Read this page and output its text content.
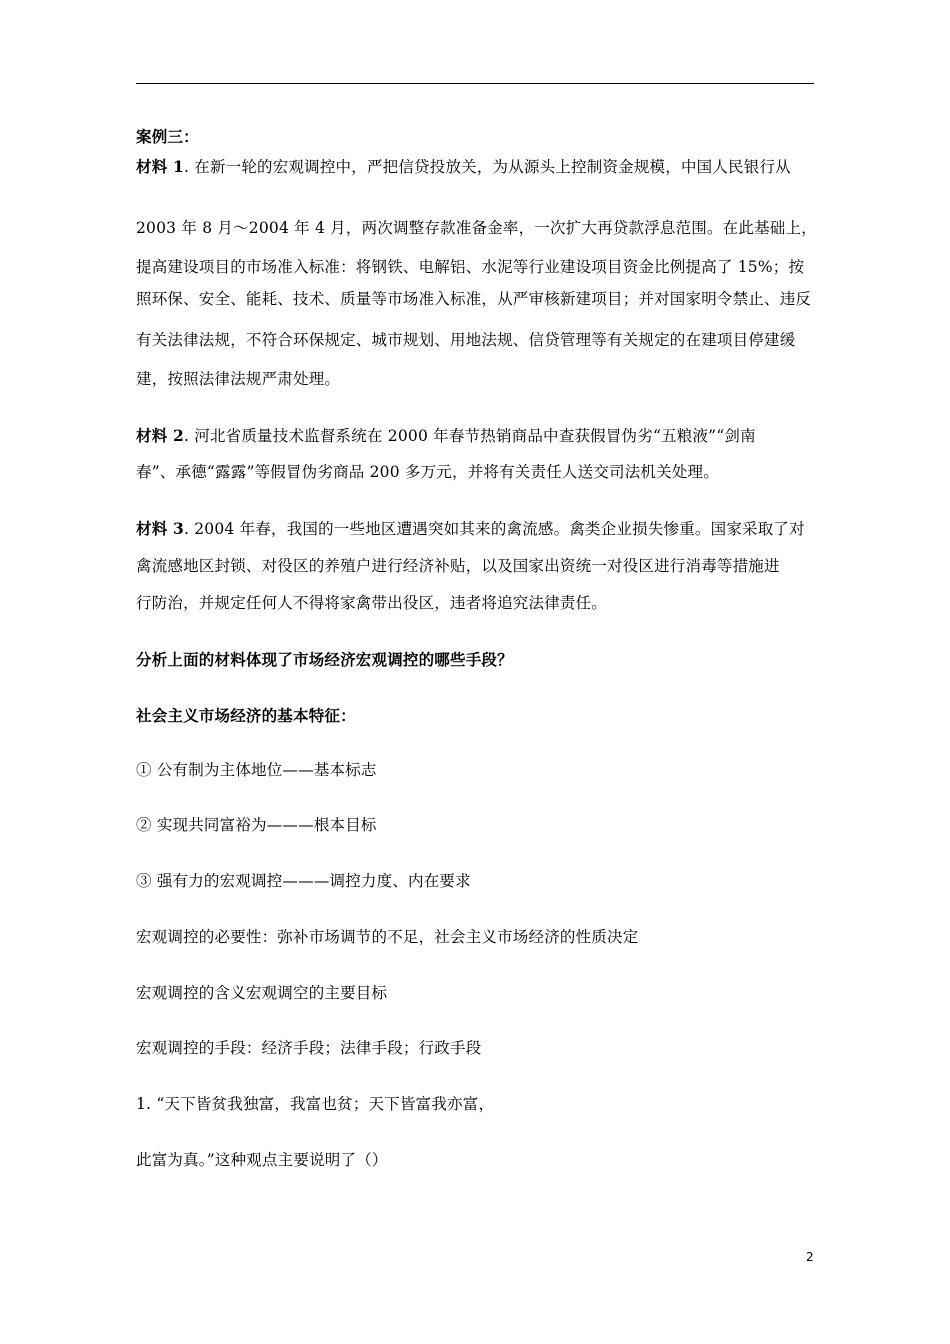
案例三：
材料 1. 在新一轮的宏观调控中，严把信贷投放关，为从源头上控制资金规模，中国人民银行从
2003 年 8 月～2004 年 4 月，两次调整存款准备金率，一次扩大再贷款浮息范围。在此基础上，
提高建设项目的市场准入标准：将钢铁、电解铝、水泥等行业建设项目资金比例提高了 15%；按
照环保、安全、能耗、技术、质量等市场准入标准，从严审核新建项目；并对国家明令禁止、违反
有关法律法规，不符合环保规定、城市规划、用地法规、信贷管理等有关规定的在建项目停建缓
建，按照法律法规严肃处理。
材料 2. 河北省质量技术监督系统在 2000 年春节热销商品中查获假冒伪劣“五粮液”“剑南
春”、承德“露露”等假冒伪劣商品 200 多万元，并将有关责任人送交司法机关处理。
材料 3. 2004 年春，我国的一些地区遭遇突如其来的禽流感。禽类企业损失惨重。国家采取了对
禽流感地区封锁、对役区的养殖户进行经济补贴，以及国家出资统一对役区进行消毒等措施进
行防治，并规定任何人不得将家禽带出役区，违者将追究法律责任。
分析上面的材料体现了市场经济宏观调控的哪些手段？
社会主义市场经济的基本特征：
① 公有制为主体地位——基本标志
② 实现共同富裕为———根本目标
③ 强有力的宏观调控———调控力度、内在要求
宏观调控的必要性：弥补市场调节的不足，社会主义市场经济的性质决定
宏观调控的含义宏观调空的主要目标
宏观调控的手段：经济手段；法律手段；行政手段
1. “天下皆贫我独富，我富也贫；天下皆富我亦富，
此富为真。”这种观点主要说明了（）
2
